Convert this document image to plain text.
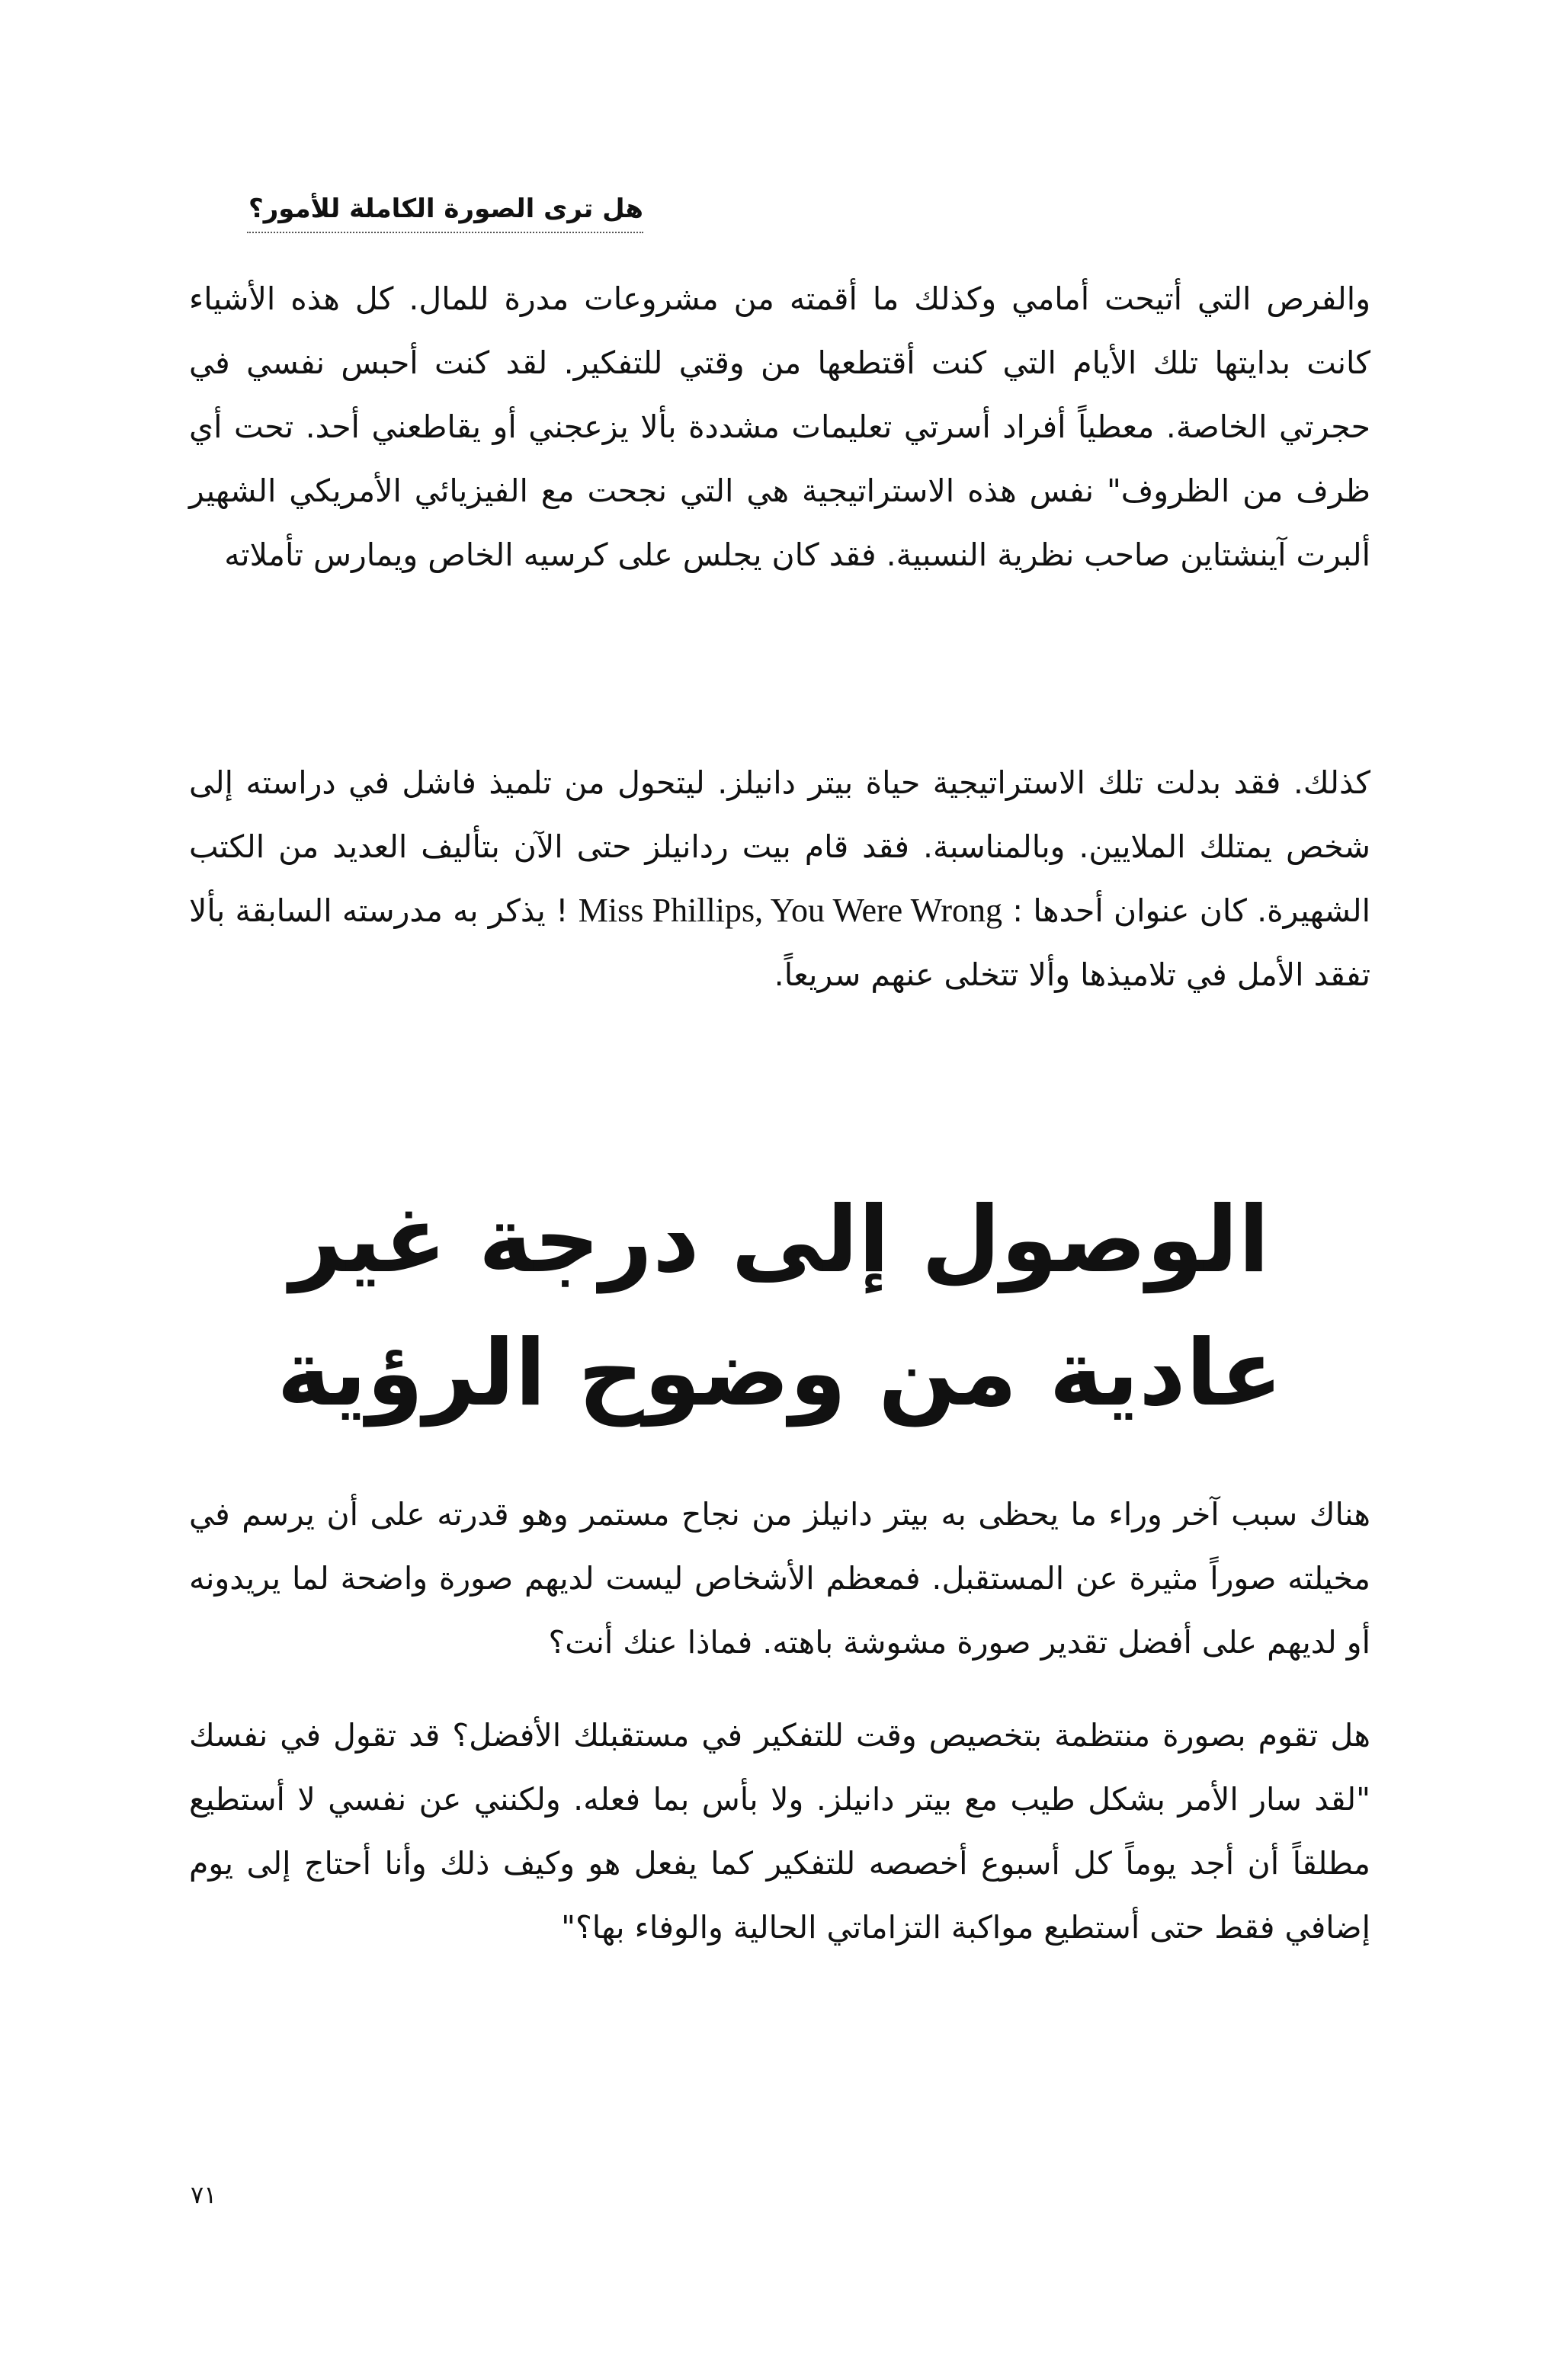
هل ترى الصورة الكاملة للأمور؟

والفرص التي أتيحت أمامي وكذلك ما أقمته من مشروعات مدرة للمال. كل هذه الأشياء كانت بدايتها تلك الأيام التي كنت أقتطعها من وقتي للتفكير. لقد كنت أحبس نفسي في حجرتي الخاصة. معطياً أفراد أسرتي تعليمات مشددة بألا يزعجني أو يقاطعني أحد. تحت أي ظرف من الظروف" نفس هذه الاستراتيجية هي التي نجحت مع الفيزيائي الأمريكي الشهير ألبرت آينشتاين صاحب نظرية النسبية. فقد كان يجلس على كرسيه الخاص ويمارس تأملاته

كذلك. فقد بدلت تلك الاستراتيجية حياة بيتر دانيلز. ليتحول من تلميذ فاشل في دراسته إلى شخص يمتلك الملايين. وبالمناسبة. فقد قام بيت ردانيلز حتى الآن بتأليف العديد من الكتب الشهيرة. كان عنوان أحدها : Miss Phillips, You Were Wrong ! يذكر به مدرسته السابقة بألا تفقد الأمل في تلاميذها وألا تتخلى عنهم سريعاً.

الوصول إلى درجة غير
عادية من وضوح الرؤية

هناك سبب آخر وراء ما يحظى به بيتر دانيلز من نجاح مستمر وهو قدرته على أن يرسم في مخيلته صوراً مثيرة عن المستقبل. فمعظم الأشخاص ليست لديهم صورة واضحة لما يريدونه أو لديهم على أفضل تقدير صورة مشوشة باهته. فماذا عنك أنت؟

هل تقوم بصورة منتظمة بتخصيص وقت للتفكير في مستقبلك الأفضل؟ قد تقول في نفسك "لقد سار الأمر بشكل طيب مع بيتر دانيلز. ولا بأس بما فعله. ولكنني عن نفسي لا أستطيع مطلقاً أن أجد يوماً كل أسبوع أخصصه للتفكير كما يفعل هو وكيف ذلك وأنا أحتاج إلى يوم إضافي فقط حتى أستطيع مواكبة التزاماتي الحالية والوفاء بها؟"

٧١
